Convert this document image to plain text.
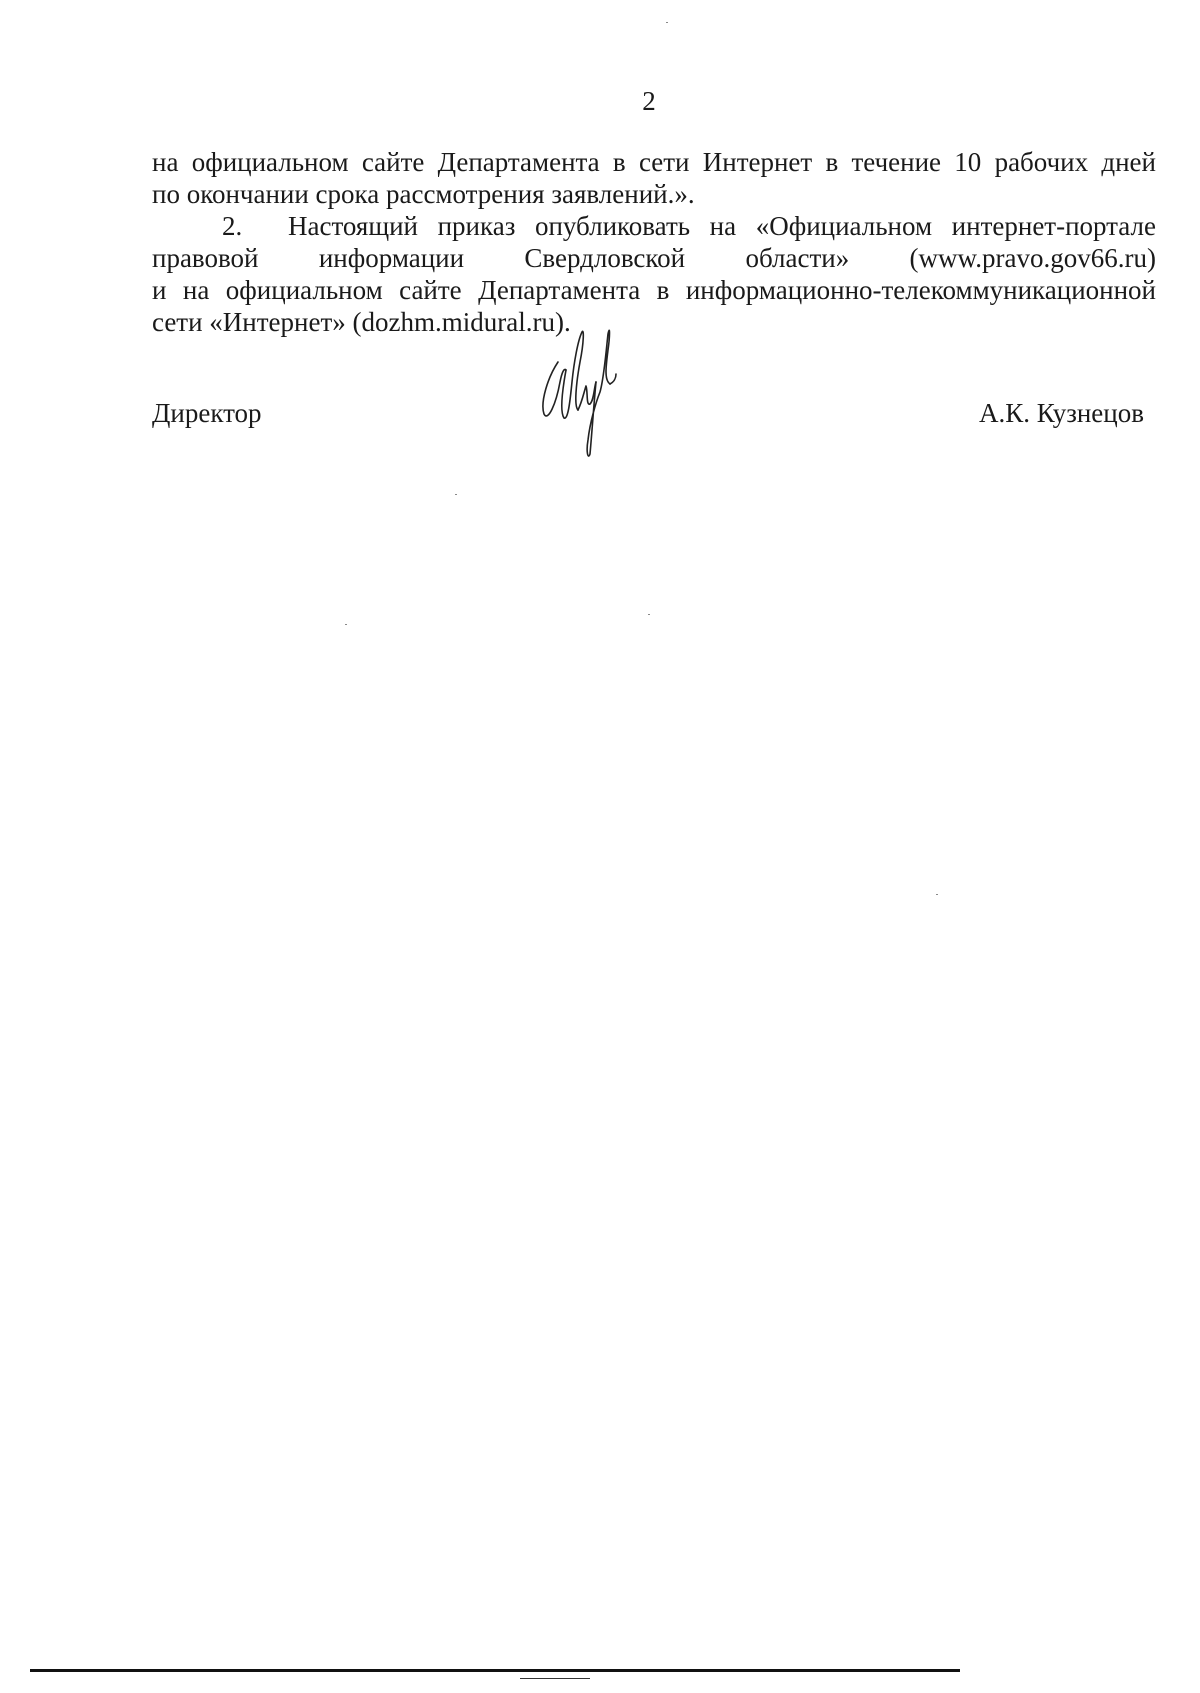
2

на официальном сайте Департамента в сети Интернет в течение 10 рабочих дней
по окончании срока рассмотрения заявлений.».

2. Настоящий приказ опубликовать на «Официальном интернет-портале
правовой информации Свердловской области» (www.pravo.gov66.ru)
и на официальном сайте Департамента в информационно-телекоммуникационной
сети «Интернет» (dozhm.midural.ru).

Директор	А.К. Кузнецов
